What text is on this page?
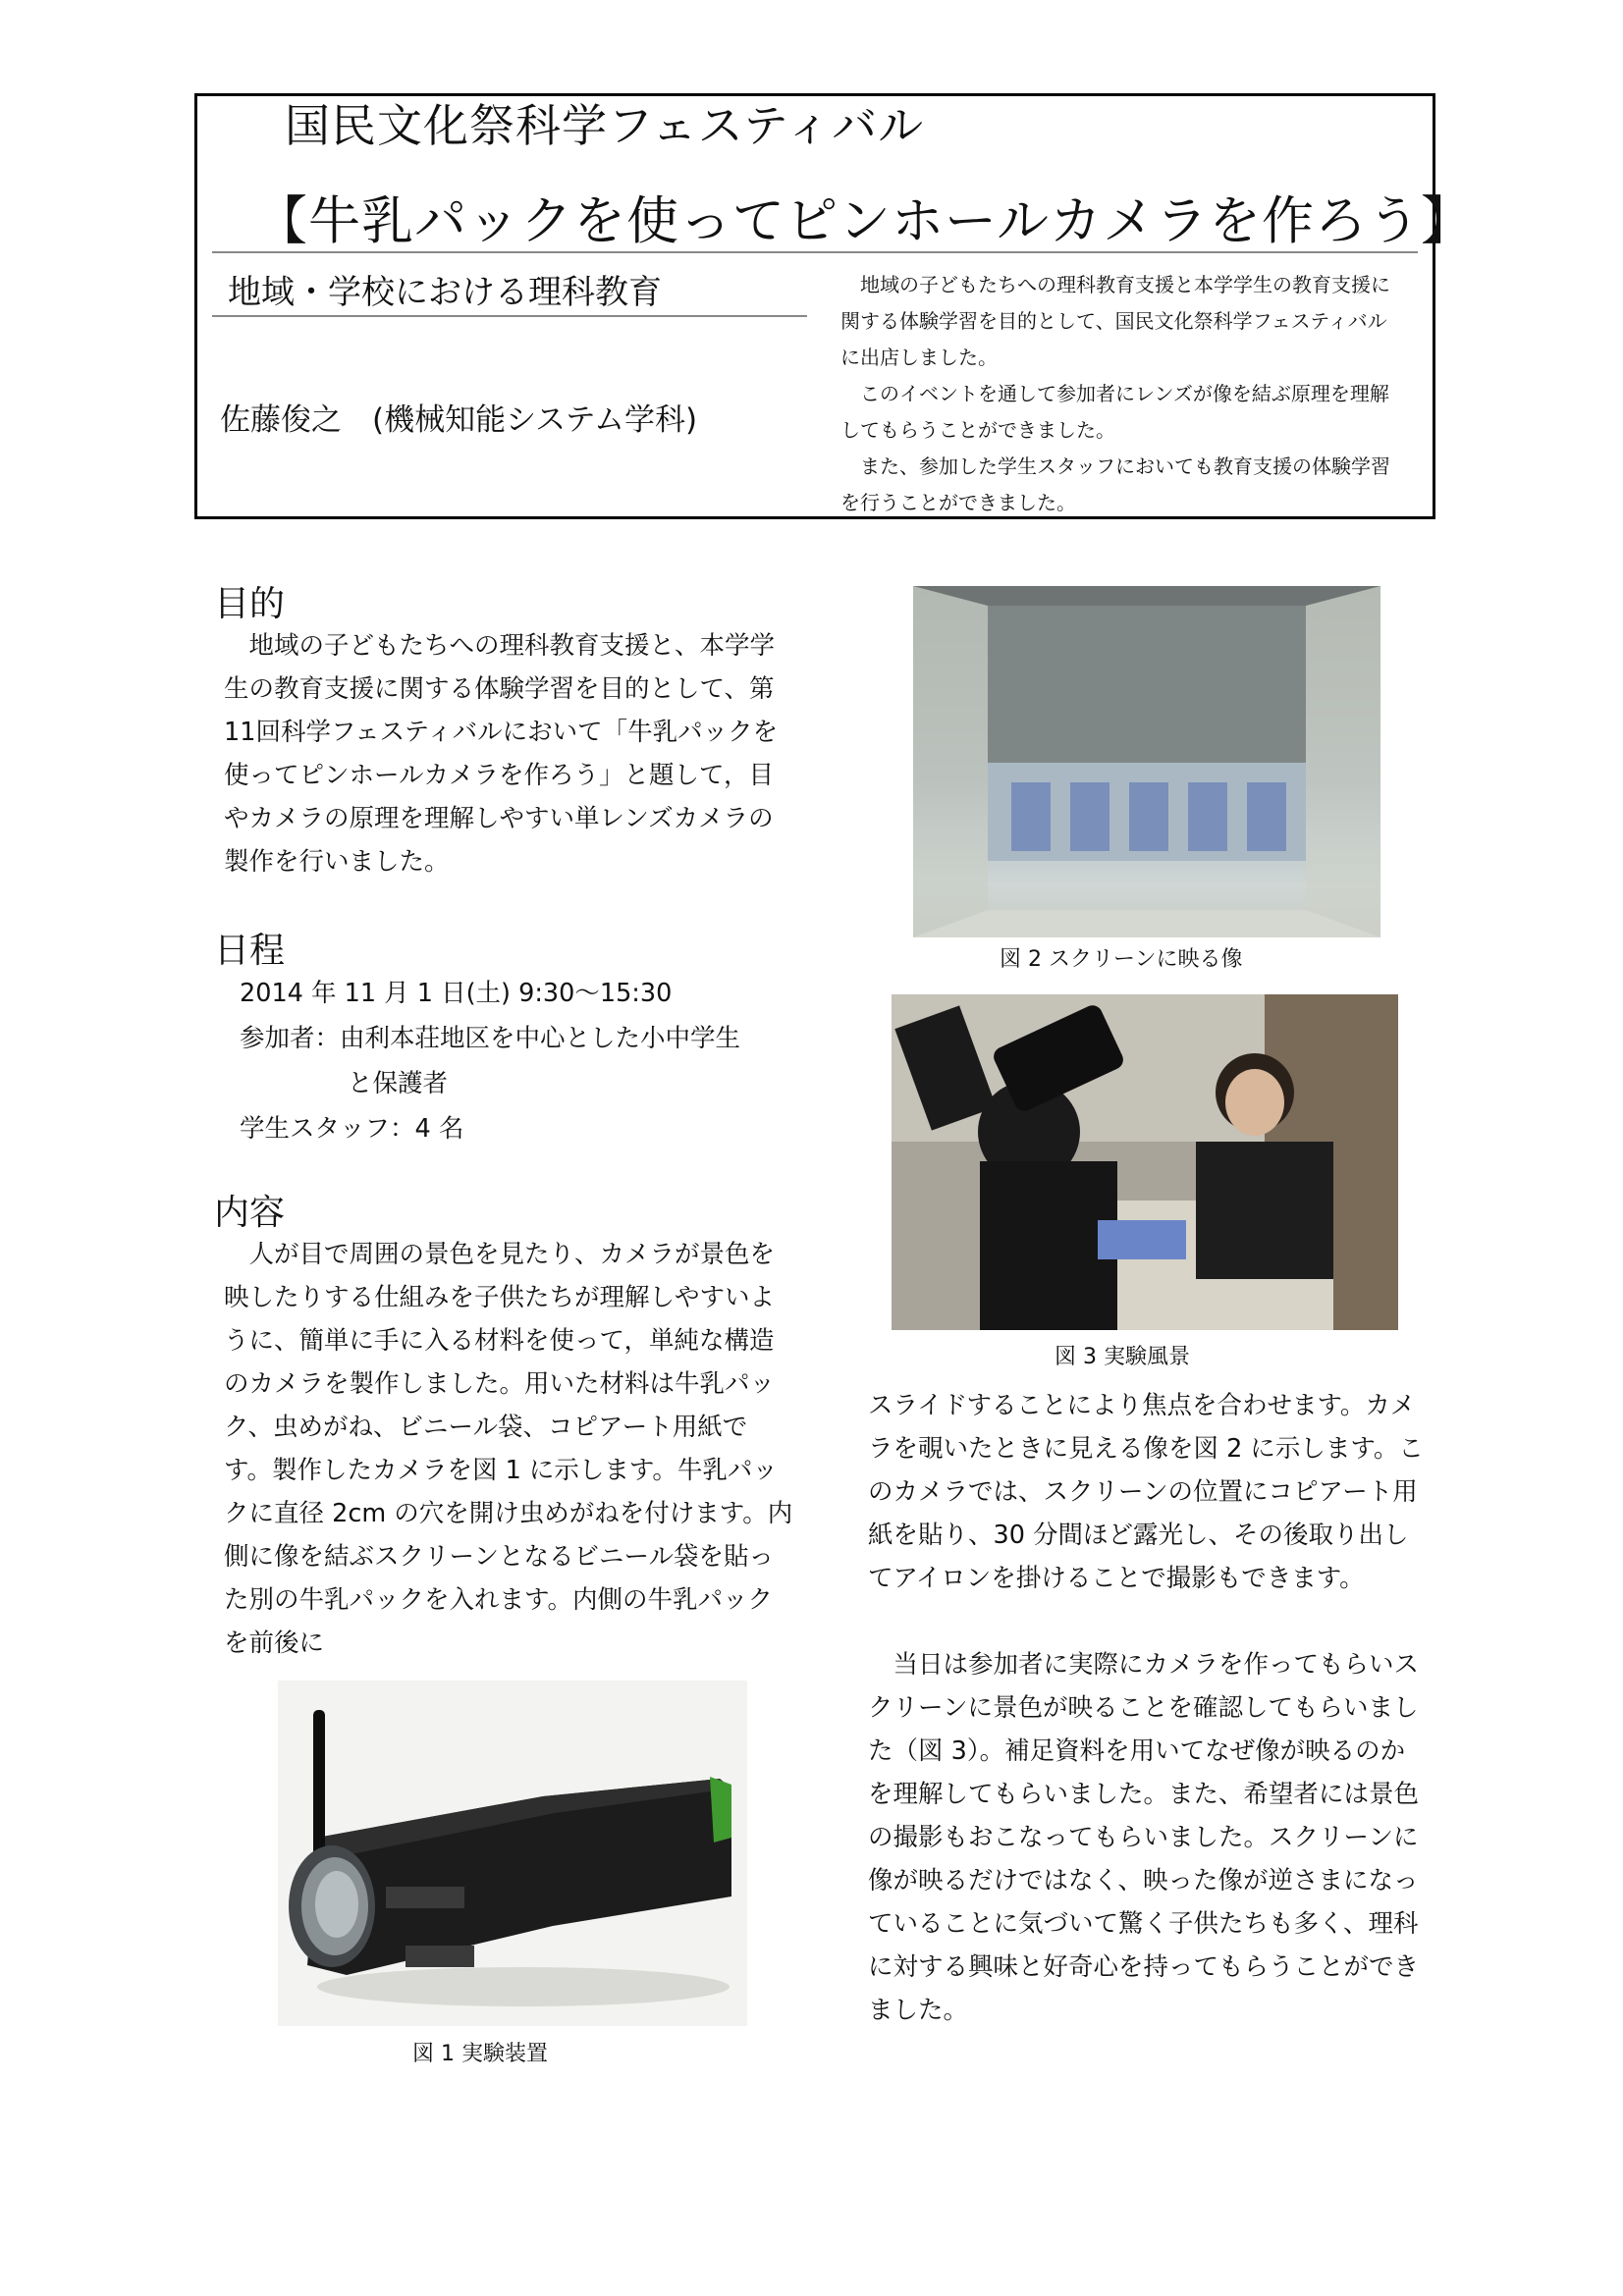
国民文化祭科学フェスティバル
【牛乳パックを使ってピンホールカメラを作ろう】
地域・学校における理科教育
佐藤俊之　(機械知能システム学科)

地域の子どもたちへの理科教育支援と本学学生の教育支援に関する体験学習を目的として、国民文化祭科学フェスティバルに出店しました。

このイベントを通して参加者にレンズが像を結ぶ原理を理解してもらうことができました。

また、参加した学生スタッフにおいても教育支援の体験学習を行うことができました。

目的

地域の子どもたちへの理科教育支援と、本学学生の教育支援に関する体験学習を目的として、第11回科学フェスティバルにおいて「牛乳パックを使ってピンホールカメラを作ろう」と題して，目やカメラの原理を理解しやすい単レンズカメラの製作を行いました。

日程
2014 年 11 月 1 日(土) 9:30〜15:30
参加者：由利本荘地区を中心とした小中学生
と保護者
学生スタッフ：4 名
内容

人が目で周囲の景色を見たり、カメラが景色を映したりする仕組みを子供たちが理解しやすいように、簡単に手に入る材料を使って，単純な構造のカメラを製作しました。用いた材料は牛乳パック、虫めがね、ビニール袋、コピアート用紙です。製作したカメラを図 1 に示します。牛乳パックに直径 2cm の穴を開け虫めがねを付けます。内側に像を結ぶスクリーンとなるビニール袋を貼った別の牛乳パックを入れます。内側の牛乳パックを前後に

図 1 実験装置
図 2 スクリーンに映る像
図 3 実験風景

スライドすることにより焦点を合わせます。カメラを覗いたときに見える像を図 2 に示します。このカメラでは、スクリーンの位置にコピアート用紙を貼り、30 分間ほど露光し、その後取り出してアイロンを掛けることで撮影もできます。

当日は参加者に実際にカメラを作ってもらいスクリーンに景色が映ることを確認してもらいました（図 3）。補足資料を用いてなぜ像が映るのかを理解してもらいました。また、希望者には景色の撮影もおこなってもらいました。スクリーンに像が映るだけではなく、映った像が逆さまになっていることに気づいて驚く子供たちも多く、理科に対する興味と好奇心を持ってもらうことができました。
